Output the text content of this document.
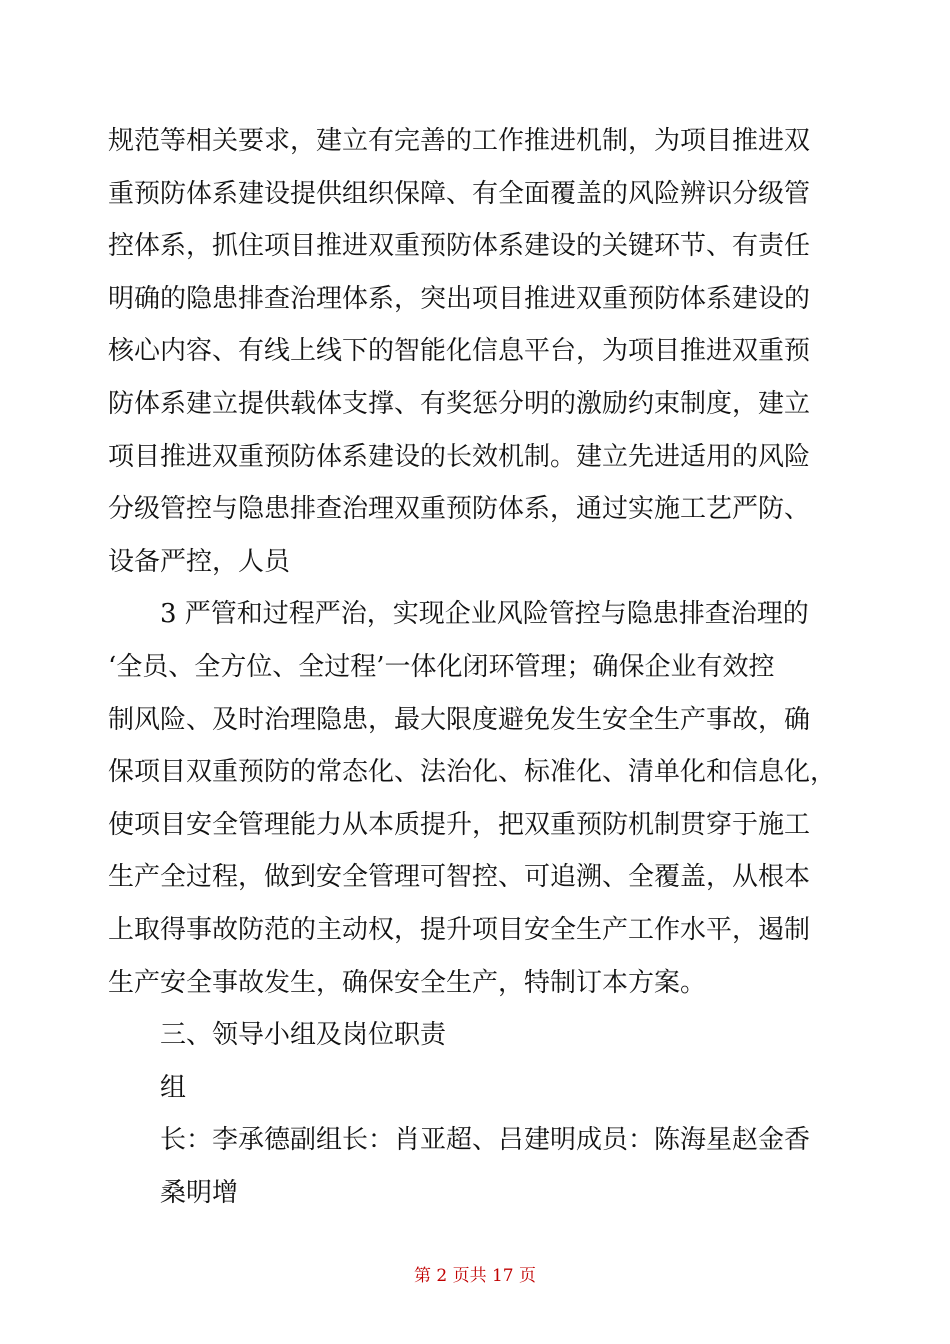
规范等相关要求，建立有完善的工作推进机制，为项目推进双
重预防体系建设提供组织保障、有全面覆盖的风险辨识分级管
控体系，抓住项目推进双重预防体系建设的关键环节、有责任
明确的隐患排查治理体系，突出项目推进双重预防体系建设的
核心内容、有线上线下的智能化信息平台，为项目推进双重预
防体系建立提供载体支撑、有奖惩分明的激励约束制度，建立
项目推进双重预防体系建设的长效机制。建立先进适用的风险
分级管控与隐患排查治理双重预防体系，通过实施工艺严防、
设备严控，人员
3 严管和过程严治，实现企业风险管控与隐患排查治理的
‘全员、全方位、全过程’一体化闭环管理；确保企业有效控
制风险、及时治理隐患，最大限度避免发生安全生产事故，确
保项目双重预防的常态化、法治化、标准化、清单化和信息化，
使项目安全管理能力从本质提升，把双重预防机制贯穿于施工
生产全过程，做到安全管理可智控、可追溯、全覆盖，从根本
上取得事故防范的主动权，提升项目安全生产工作水平，遏制
生产安全事故发生，确保安全生产，特制订本方案。
三、领导小组及岗位职责
组
长：李承德副组长：肖亚超、吕建明成员：陈海星赵金香
桑明增
第 2 页共 17 页
